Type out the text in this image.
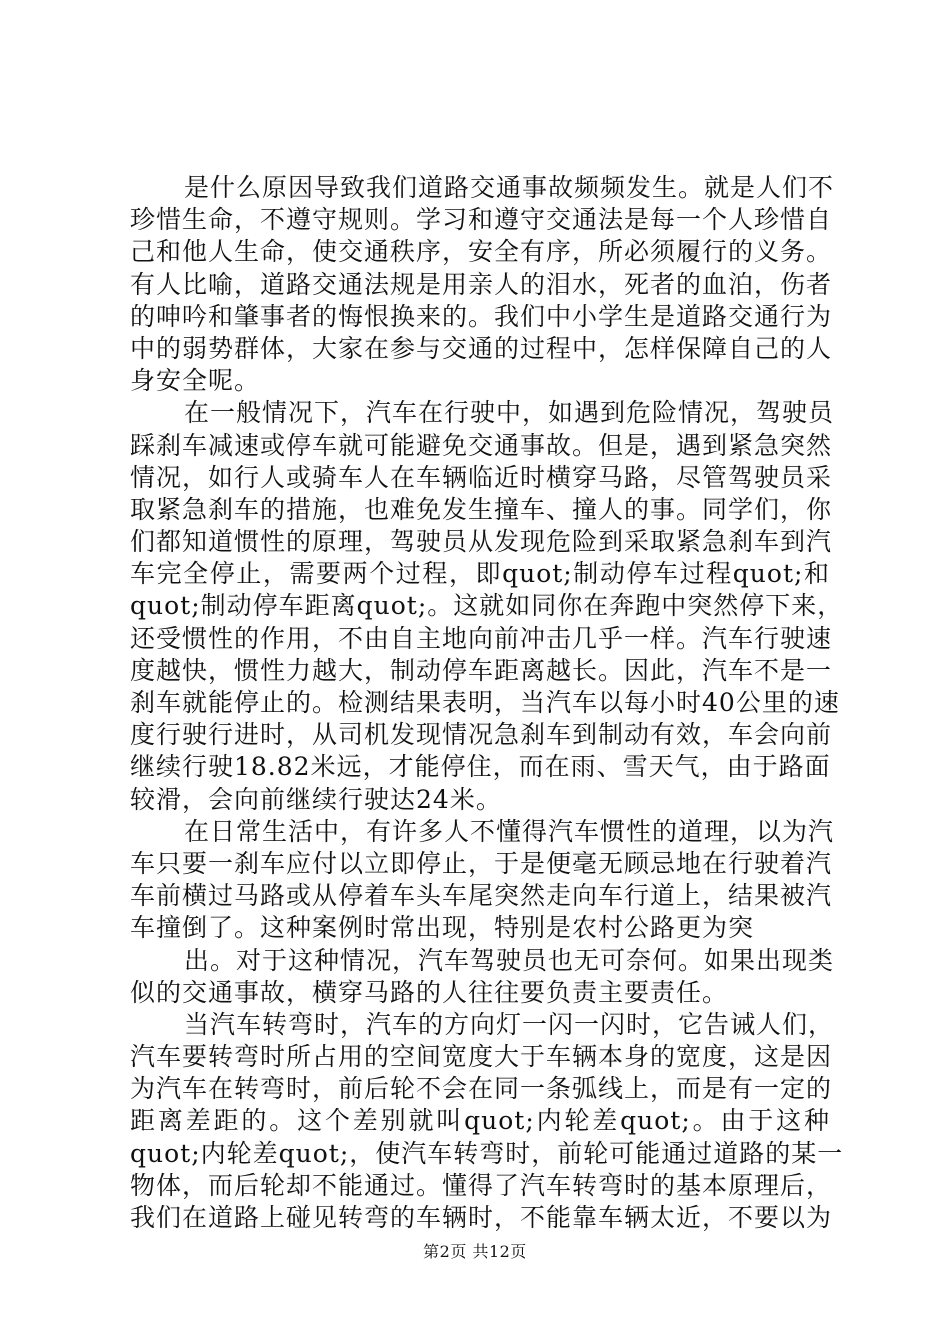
是什么原因导致我们道路交通事故频频发生。就是人们不
珍惜生命，不遵守规则。学习和遵守交通法是每一个人珍惜自
己和他人生命，使交通秩序，安全有序，所必须履行的义务。
有人比喻，道路交通法规是用亲人的泪水，死者的血泊，伤者
的呻吟和肇事者的悔恨换来的。我们中小学生是道路交通行为
中的弱势群体，大家在参与交通的过程中，怎样保障自己的人
身安全呢。
在一般情况下，汽车在行驶中，如遇到危险情况，驾驶员
踩刹车减速或停车就可能避免交通事故。但是，遇到紧急突然
情况，如行人或骑车人在车辆临近时横穿马路，尽管驾驶员采
取紧急刹车的措施，也难免发生撞车、撞人的事。同学们，你
们都知道惯性的原理，驾驶员从发现危险到采取紧急刹车到汽
车完全停止，需要两个过程，即quot;制动停车过程quot;和
quot;制动停车距离quot;。这就如同你在奔跑中突然停下来，
还受惯性的作用，不由自主地向前冲击几乎一样。汽车行驶速
度越快，惯性力越大，制动停车距离越长。因此，汽车不是一
刹车就能停止的。检测结果表明，当汽车以每小时40公里的速
度行驶行进时，从司机发现情况急刹车到制动有效，车会向前
继续行驶18.82米远，才能停住，而在雨、雪天气，由于路面
较滑，会向前继续行驶达24米。
在日常生活中，有许多人不懂得汽车惯性的道理，以为汽
车只要一刹车应付以立即停止，于是便毫无顾忌地在行驶着汽
车前横过马路或从停着车头车尾突然走向车行道上，结果被汽
车撞倒了。这种案例时常出现，特别是农村公路更为突
出。对于这种情况，汽车驾驶员也无可奈何。如果出现类
似的交通事故，横穿马路的人往往要负责主要责任。
当汽车转弯时，汽车的方向灯一闪一闪时，它告诫人们，
汽车要转弯时所占用的空间宽度大于车辆本身的宽度，这是因
为汽车在转弯时，前后轮不会在同一条弧线上，而是有一定的
距离差距的。这个差别就叫quot;内轮差quot;。由于这种
quot;内轮差quot;，使汽车转弯时，前轮可能通过道路的某一
物体，而后轮却不能通过。懂得了汽车转弯时的基本原理后，
我们在道路上碰见转弯的车辆时，不能靠车辆太近，不要以为
第2页 共12页
